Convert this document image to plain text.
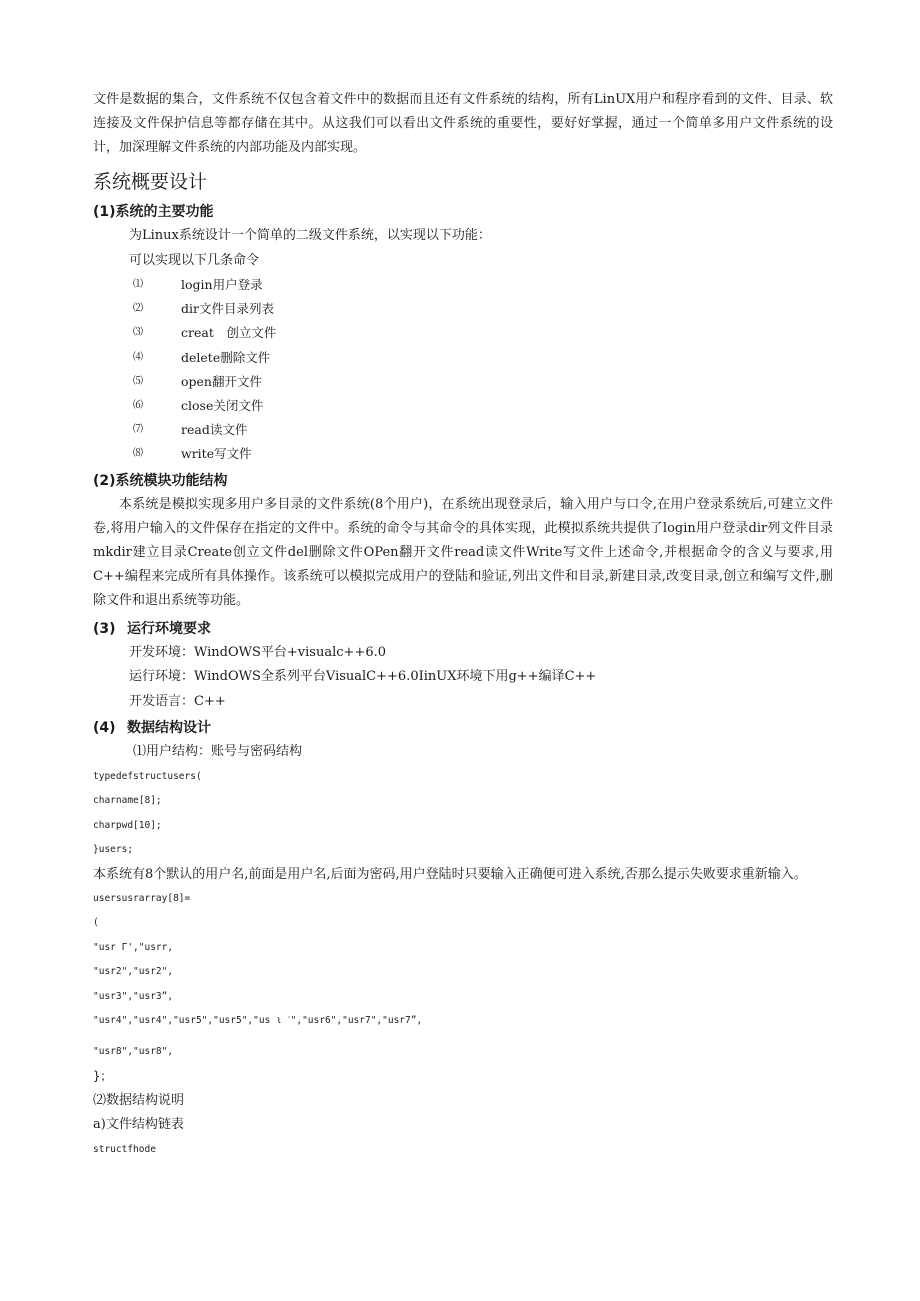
文件是数据的集合，文件系统不仅包含着文件中的数据而且还有文件系统的结构，所有LinUX用户和程序看到的文件、目录、软连接及文件保护信息等都存储在其中。从这我们可以看出文件系统的重要性，要好好掌握，通过一个简单多用户文件系统的设计，加深理解文件系统的内部功能及内部实现。

系统概要设计
(1)系统的主要功能

为Linux系统设计一个简单的二级文件系统，以实现以下功能：

可以实现以下几条命令

⑴	login用户登录
⑵	dir文件目录列表
⑶	creat　创立文件
⑷	delete删除文件
⑸	open翻开文件
⑹	close关闭文件
⑺	read读文件
⑻	write写文件
(2)系统模块功能结构

本系统是模拟实现多用户多目录的文件系统(8个用户)，在系统出现登录后，输入用户与口令,在用户登录系统后,可建立文件卷,将用户输入的文件保存在指定的文件中。系统的命令与其命令的具体实现，此模拟系统共提供了login用户登录dir列文件目录mkdir建立目录Create创立文件del删除文件OPen翻开文件read读文件Write写文件上述命令,并根据命令的含义与要求,用C++编程来完成所有具体操作。该系统可以模拟完成用户的登陆和验证,列出文件和目录,新建目录,改变目录,创立和编写文件,删除文件和退出系统等功能。

(3) 运行环境要求

开发环境：WindOWS平台+visualc++6.0

运行环境：WindOWS全系列平台VisualC++6.0IinUX环境下用g++编译C++

开发语言：C++

(4) 数据结构设计

⑴用户结构：账号与密码结构

typedefstructusers(

charname[8];

charpwd[10];

}users;

本系统有8个默认的用户名,前面是用户名,后面为密码,用户登陆时只要输入正确便可进入系统,否那么提示失败要求重新输入。

usersusrarray[8]=

(

"usr Γ',"usrr,

"usr2","usr2",

"usr3","usr3”,

"usr4","usr4","usr5","usr5","us ι ˊ","usr6","usr7","usr7”,

"usr8","usr8",

}；

⑵数据结构说明

a)文件结构链表

structfhode
